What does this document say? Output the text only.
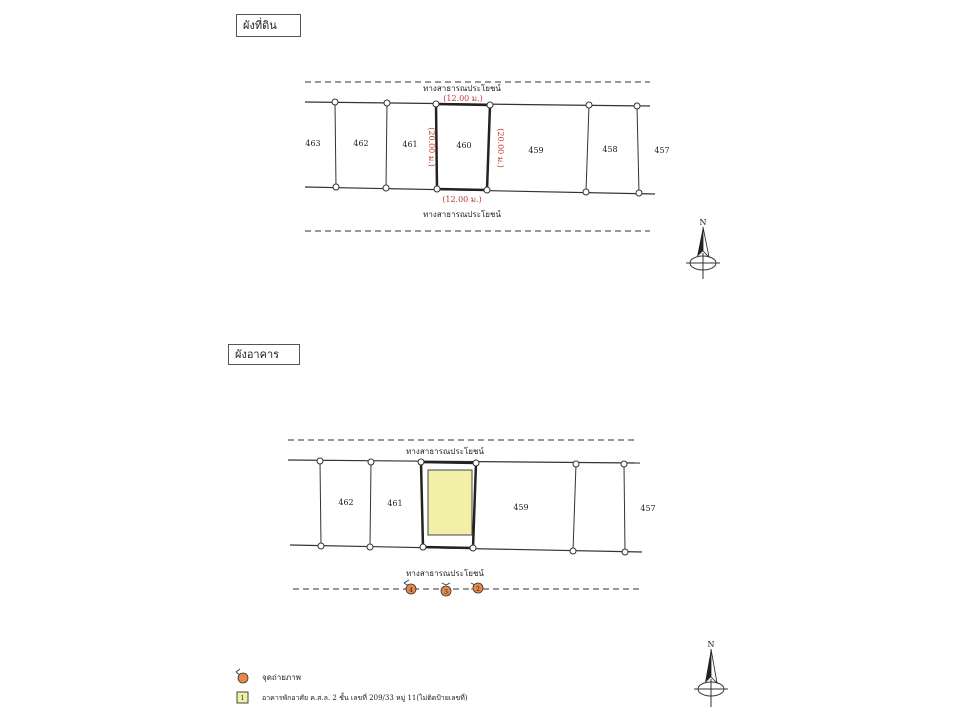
ผังที่ดิน
ผังอาคาร
ทางสาธารณประโยชน์
ทางสาธารณประโยชน์
(12.00 ม.)
(12.00 ม.)
(20.00 ม.)	(20.00 ม.)
463	462	461	460
459	458	457
N
ทางสาธารณประโยชน์
ทางสาธารณประโยชน์
462	461	459	457
4	3	2
N
จุดถ่ายภาพ
1	อาคารพักอาศัย ค.ส.ล. 2 ชั้น เลขที่ 209/33 หมู่ 11(ไม่ติดป้ายเลขที่)
